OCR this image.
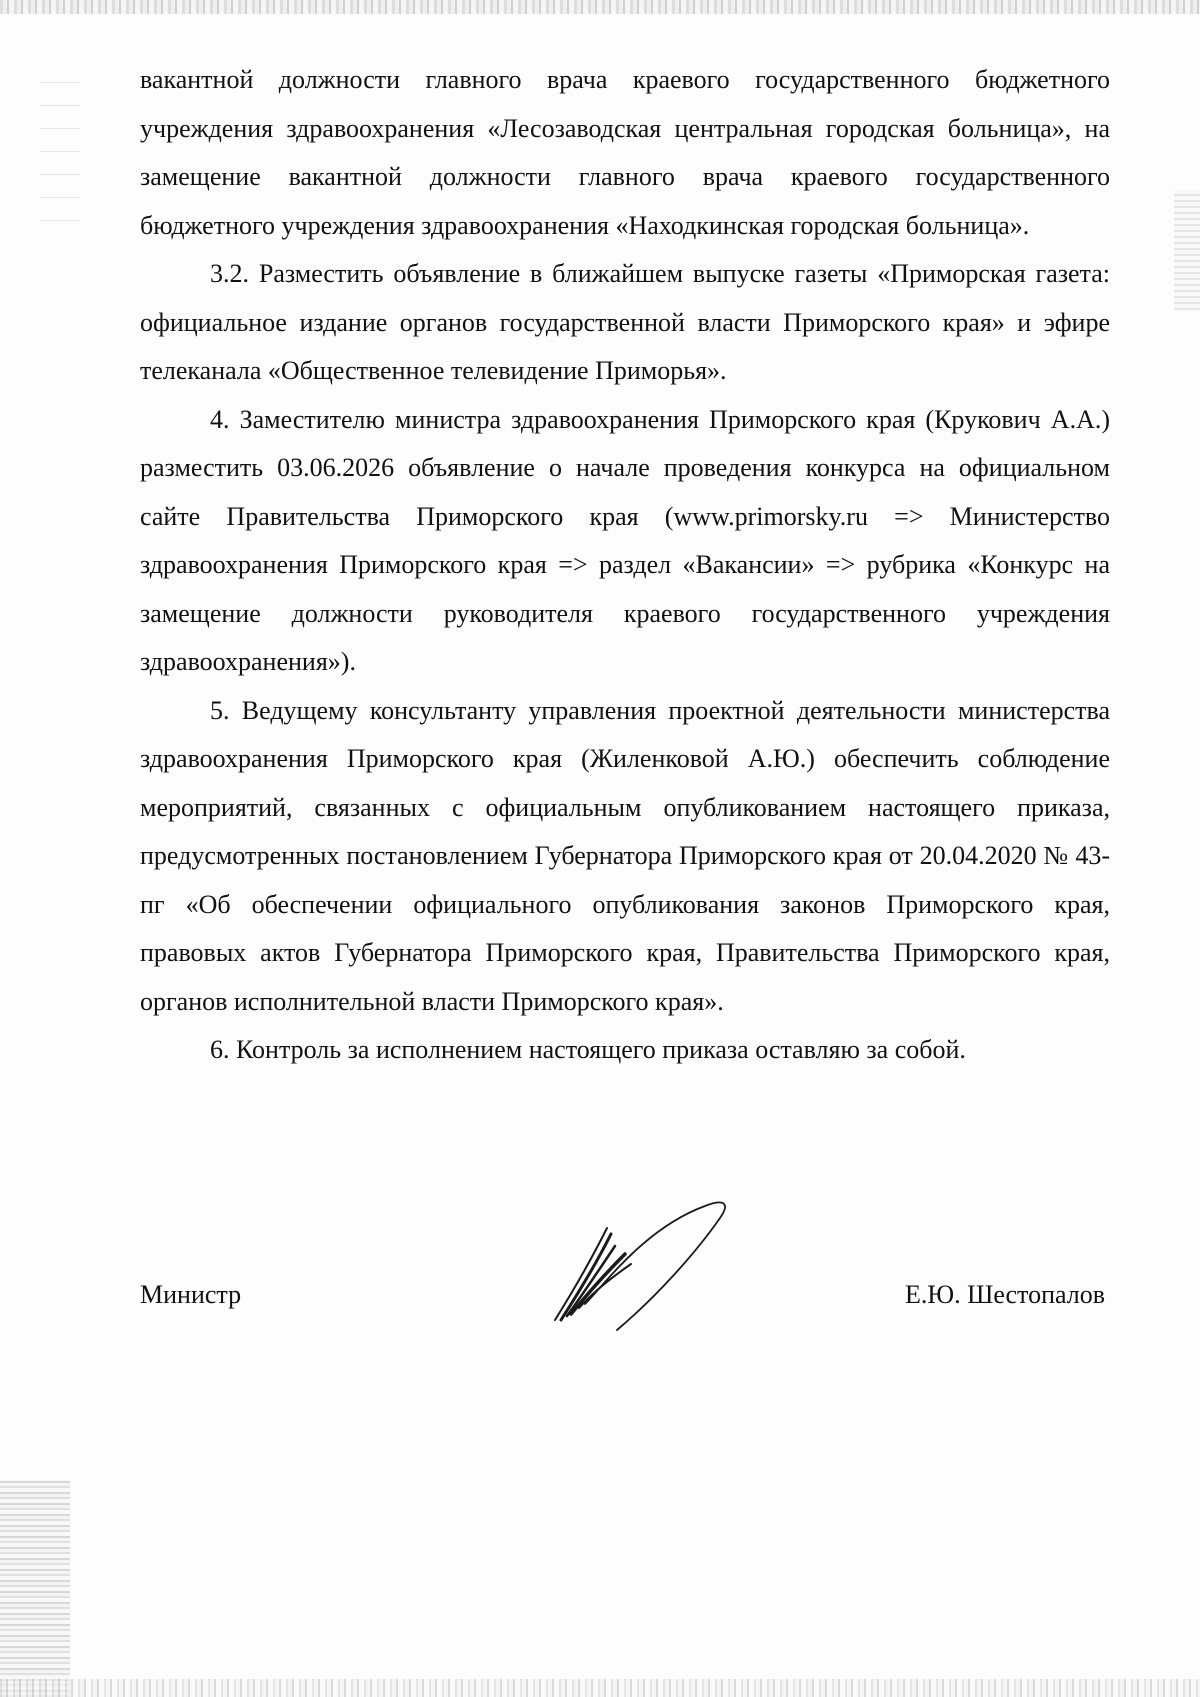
вакантной должности главного врача краевого государственного бюджетного учреждения здравоохранения «Лесозаводская центральная городская больница», на замещение вакантной должности главного врача краевого государственного бюджетного учреждения здравоохранения «Находкинская городская больница».

3.2. Разместить объявление в ближайшем выпуске газеты «Приморская газета: официальное издание органов государственной власти Приморского края» и эфире телеканала «Общественное телевидение Приморья».

4. Заместителю министра здравоохранения Приморского края (Крукович А.А.) разместить 03.06.2026 объявление о начале проведения конкурса на официальном сайте Правительства Приморского края (www.primorsky.ru => Министерство здравоохранения Приморского края => раздел «Вакансии» => рубрика «Конкурс на замещение должности руководителя краевого государственного учреждения здравоохранения»).

5. Ведущему консультанту управления проектной деятельности министерства здравоохранения Приморского края (Жиленковой А.Ю.) обеспечить соблюдение мероприятий, связанных с официальным опубликованием настоящего приказа, предусмотренных постановлением Губернатора Приморского края от 20.04.2020 № 43-пг «Об обеспечении официального опубликования законов Приморского края, правовых актов Губернатора Приморского края, Правительства Приморского края, органов исполнительной власти Приморского края».

6. Контроль за исполнением настоящего приказа оставляю за собой.

Министр	Е.Ю. Шестопалов
